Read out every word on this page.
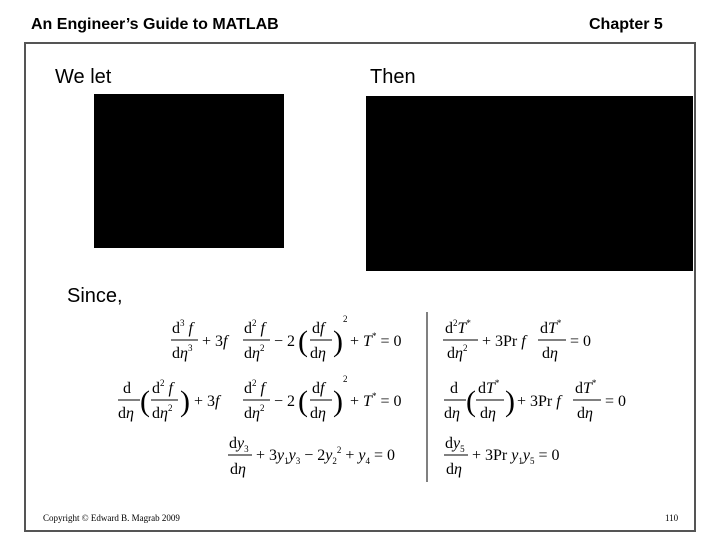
An Engineer’s Guide to MATLAB	Chapter 5
We let	Then
Since,
$d^3$ f
$d\eta^3 + 3f$
$d^2$ f
$d\eta^2 - 2$ ( df
dη )
2
+ T* = 0
d
dη ( $d^2$ f
$d\eta^2$ ) + 3f
$d^2$ f
$d\eta^2 - 2$ ( df
dη )
2
+ T* = 0
$dy_3$
dη
+ $3y_1y_3 - 2y_2^2 + y_4 = 0$
$d^2T^*$
$d\eta^2 + 3Pr$ f
dT*
dη
= 0
d
dη ( dT*
dη ) + 3Pr f
dT*
dη
= 0
$dy_5$
dη
+ 3Pr $y_1y_5 = 0$
Copyright © Edward B. Magrab 2009	110
